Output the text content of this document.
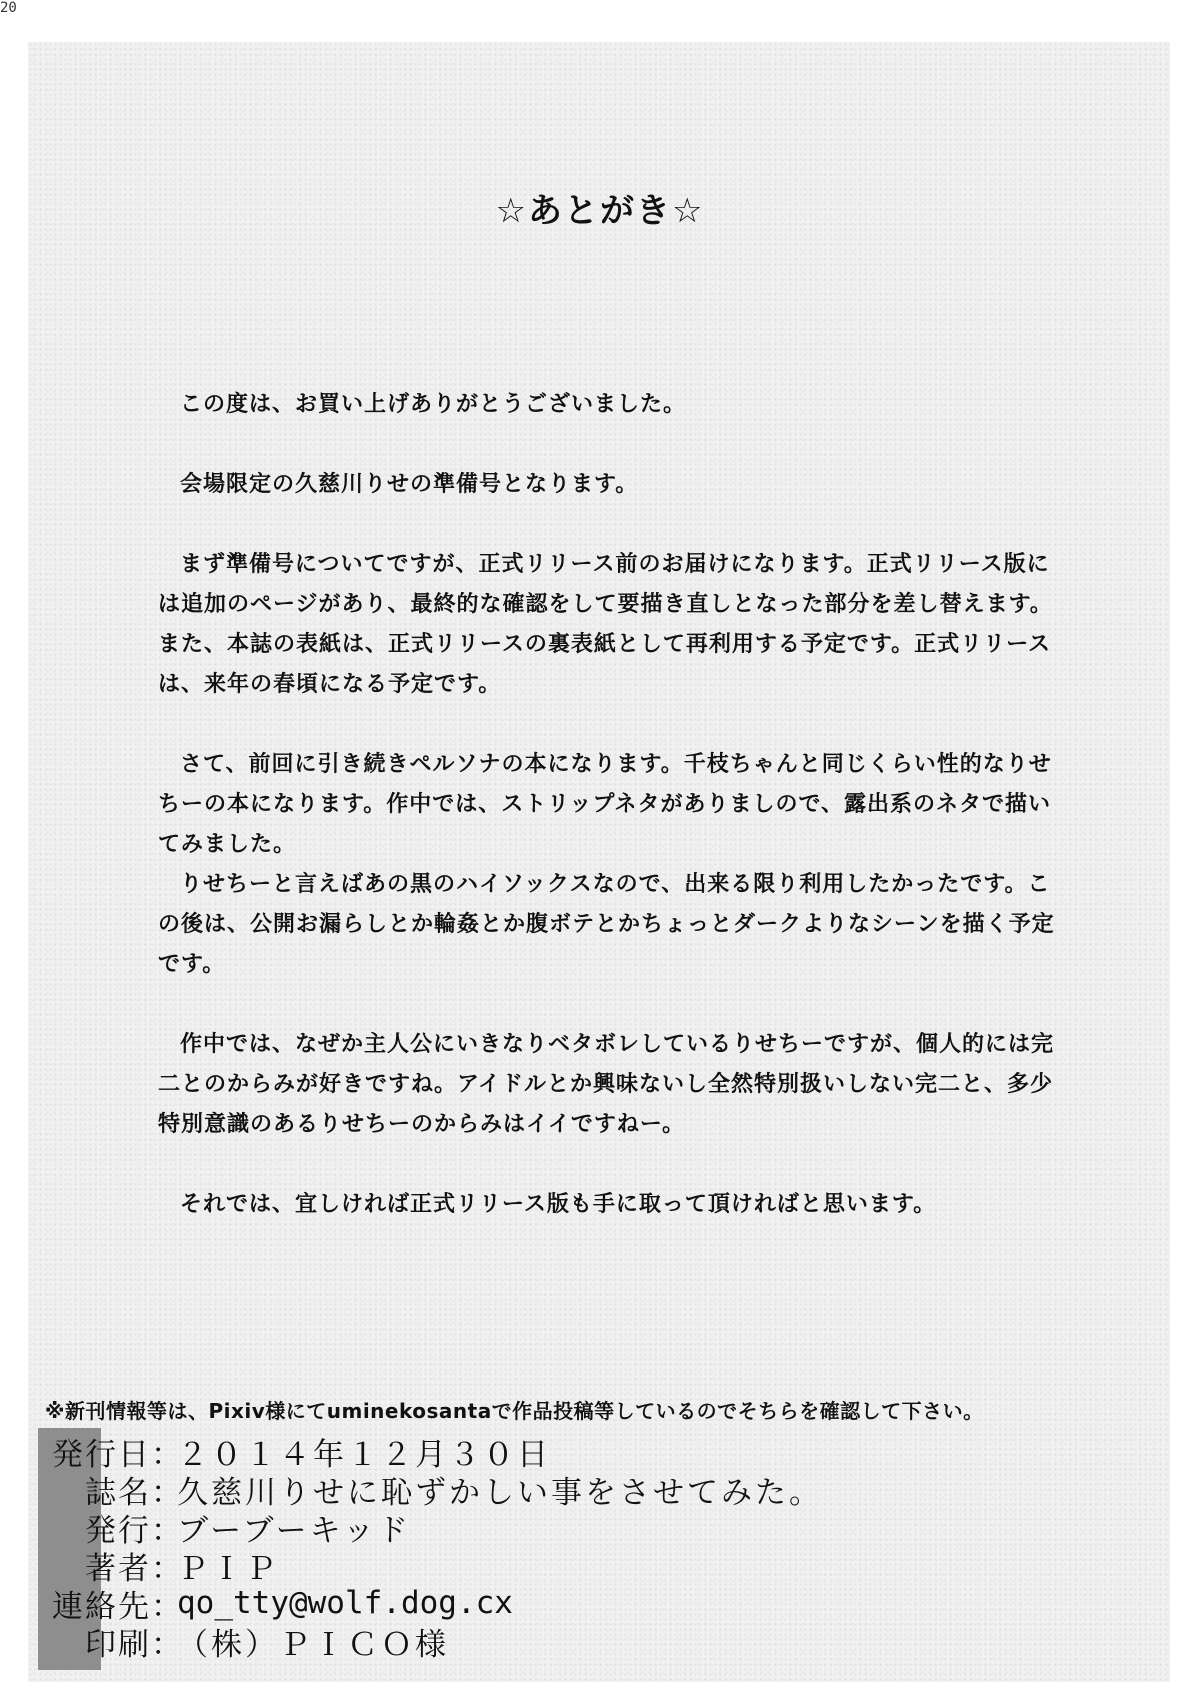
20
☆あとがき☆

この度は、お買い上げありがとうございました。

会場限定の久慈川りせの準備号となります。

まず準備号についてですが、正式リリース前のお届けになります。正式リリース版には追加のページがあり、最終的な確認をして要描き直しとなった部分を差し替えます。また、本誌の表紙は、正式リリースの裏表紙として再利用する予定です。正式リリースは、来年の春頃になる予定です。

さて、前回に引き続きペルソナの本になります。千枝ちゃんと同じくらい性的なりせちーの本になります。作中では、ストリップネタがありましので、露出系のネタで描いてみました。

りせちーと言えばあの黒のハイソックスなので、出来る限り利用したかったです。この後は、公開お漏らしとか輪姦とか腹ボテとかちょっとダークよりなシーンを描く予定です。

作中では、なぜか主人公にいきなりベタボレしているりせちーですが、個人的には完二とのからみが好きですね。アイドルとか興味ないし全然特別扱いしない完二と、多少特別意識のあるりせちーのからみはイイですねー。

それでは、宜しければ正式リリース版も手に取って頂ければと思います。

※新刊情報等は、Pixiv様にてuminekosantaで作品投稿等しているのでそちらを確認して下さい。
発行日 ：
２０１４年１２月３０日
誌名 ：
久慈川りせに恥ずかしい事をさせてみた。
発行 ：
ブーブーキッド
著者 ：
ＰＩＰ
連絡先 ：
qo_tty@wolf.dog.cx
印刷 ：
（株）ＰＩＣＯ様
